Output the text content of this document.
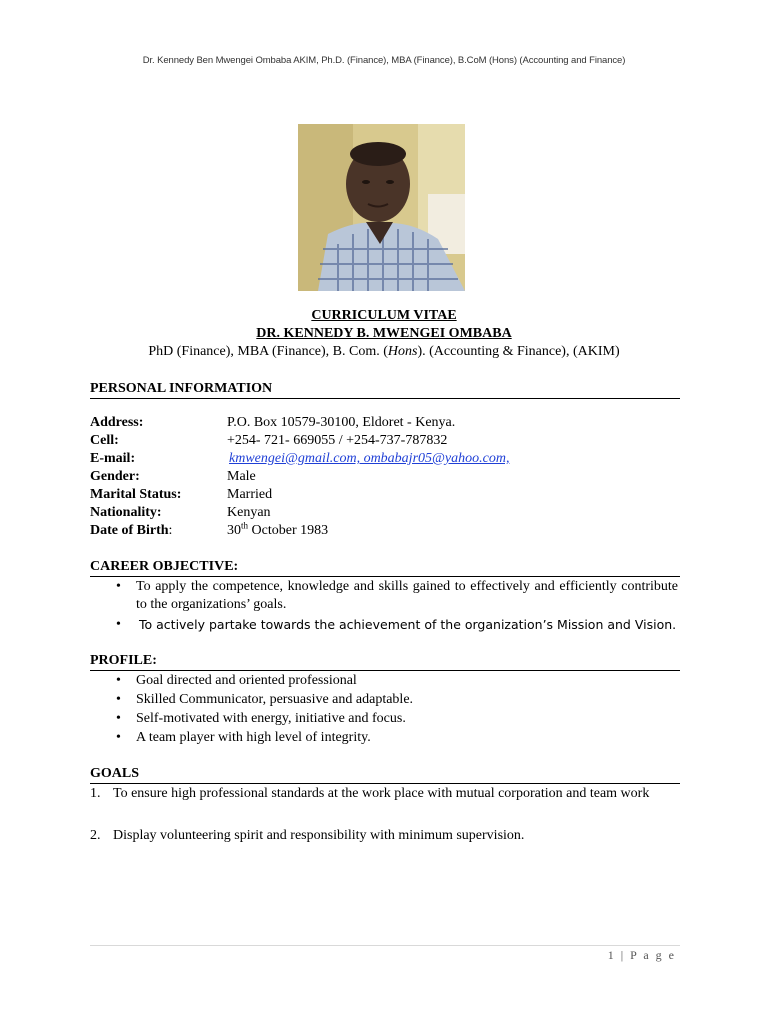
Dr. Kennedy Ben Mwengei Ombaba AKIM, Ph.D. (Finance), MBA (Finance), B.CoM (Hons) (Accounting and Finance)
CURRICULUM VITAE
DR. KENNEDY B. MWENGEI OMBABA
PhD (Finance), MBA (Finance), B. Com. (Hons). (Accounting & Finance), (AKIM)
PERSONAL INFORMATION
Address:	P.O. Box 10579-30100, Eldoret - Kenya.
Cell:	+254- 721- 669055 / +254-737-787832
E-mail:	kmwengei@gmail.com, ombabajr05@yahoo.com,
Gender:	Male
Marital Status:	Married
Nationality:	Kenyan
Date of Birth:	30th October 1983
CAREER OBJECTIVE:
• To apply the competence, knowledge and skills gained to effectively and efficiently contribute to the organizations’ goals.
• To actively partake towards the achievement of the organization’s Mission and Vision.
PROFILE:
• Goal directed and oriented professional
• Skilled Communicator, persuasive and adaptable.
• Self-motivated with energy, initiative and focus.
• A team player with high level of integrity.
GOALS
1. To ensure high professional standards at the work place with mutual corporation and team work
2. Display volunteering spirit and responsibility with minimum supervision.
1 | P a g e
